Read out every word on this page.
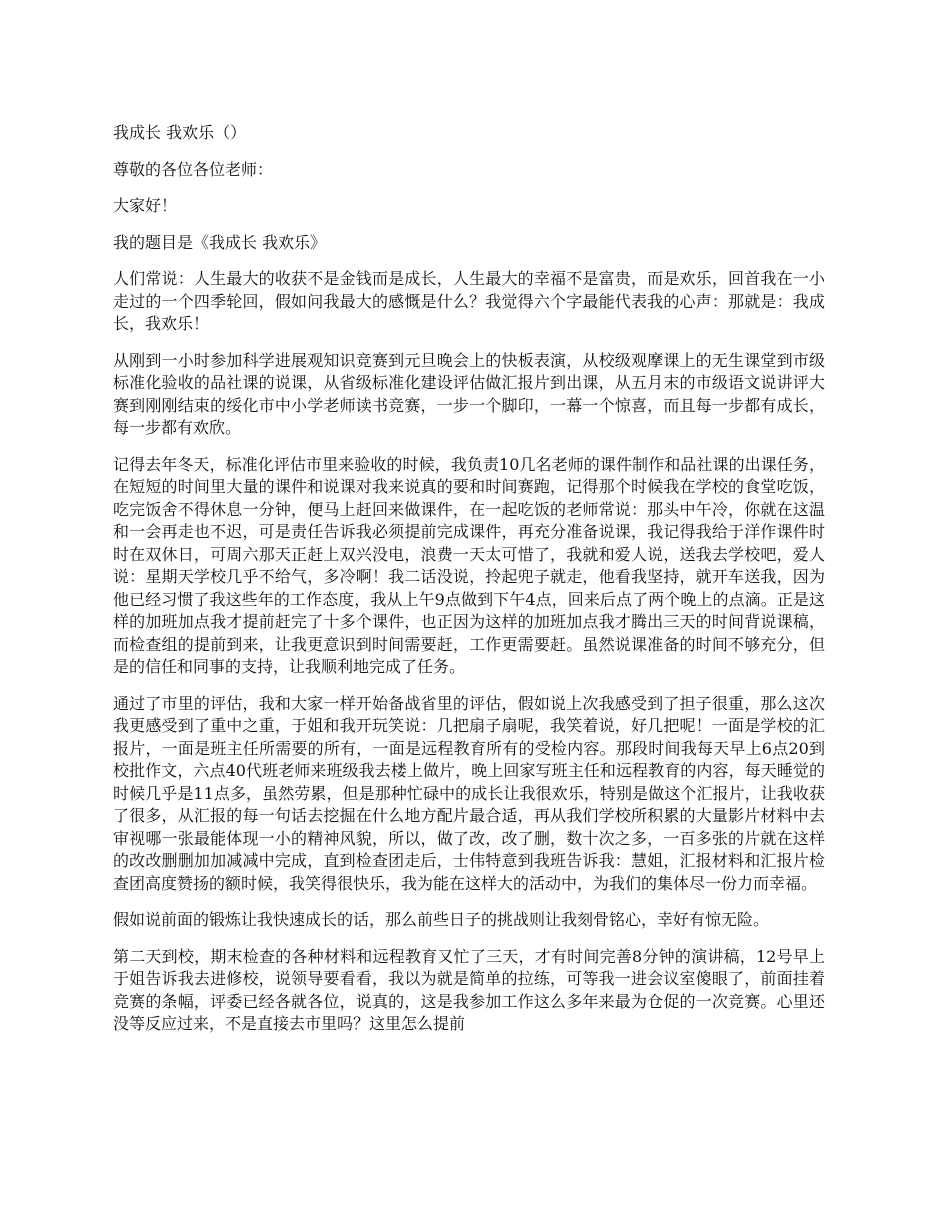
我成长 我欢乐（）

尊敬的各位各位老师：

大家好！

我的题目是《我成长 我欢乐》

人们常说：人生最大的收获不是金钱而是成长，人生最大的幸福不是富贵，而是欢乐，回首我在一小走过的一个四季轮回，假如问我最大的感慨是什么？我觉得六个字最能代表我的心声：那就是：我成长，我欢乐！

从刚到一小时参加科学进展观知识竞赛到元旦晚会上的快板表演，从校级观摩课上的无生课堂到市级标准化验收的品社课的说课，从省级标准化建设评估做汇报片到出课，从五月末的市级语文说讲评大赛到刚刚结束的绥化市中小学老师读书竞赛，一步一个脚印，一幕一个惊喜，而且每一步都有成长，每一步都有欢欣。

记得去年冬天，标准化评估市里来验收的时候，我负责10几名老师的课件制作和品社课的出课任务，在短短的时间里大量的课件和说课对我来说真的要和时间赛跑，记得那个时候我在学校的食堂吃饭，吃完饭舍不得休息一分钟，便马上赶回来做课件，在一起吃饭的老师常说：那头中午冷，你就在这温和一会再走也不迟，可是责任告诉我必须提前完成课件，再充分准备说课，我记得我给于洋作课件时时在双休日，可周六那天正赶上双兴没电，浪费一天太可惜了，我就和爱人说，送我去学校吧，爱人说：星期天学校几乎不给气，多冷啊！我二话没说，拎起兜子就走，他看我坚持，就开车送我，因为他已经习惯了我这些年的工作态度，我从上午9点做到下午4点，回来后点了两个晚上的点滴。正是这样的加班加点我才提前赶完了十多个课件，也正因为这样的加班加点我才腾出三天的时间背说课稿，而检查组的提前到来，让我更意识到时间需要赶，工作更需要赶。虽然说课准备的时间不够充分，但是的信任和同事的支持，让我顺利地完成了任务。

通过了市里的评估，我和大家一样开始备战省里的评估，假如说上次我感受到了担子很重，那么这次我更感受到了重中之重，于姐和我开玩笑说：几把扇子扇呢，我笑着说，好几把呢！一面是学校的汇报片，一面是班主任所需要的所有，一面是远程教育所有的受检内容。那段时间我每天早上6点20到校批作文，六点40代班老师来班级我去楼上做片，晚上回家写班主任和远程教育的内容，每天睡觉的时候几乎是11点多，虽然劳累，但是那种忙碌中的成长让我很欢乐，特别是做这个汇报片，让我收获了很多，从汇报的每一句话去挖掘在什么地方配片最合适，再从我们学校所积累的大量影片材料中去审视哪一张最能体现一小的精神风貌，所以，做了改，改了删，数十次之多，一百多张的片就在这样的改改删删加加减减中完成，直到检查团走后，士伟特意到我班告诉我：慧姐，汇报材料和汇报片检查团高度赞扬的额时候，我笑得很快乐，我为能在这样大的活动中，为我们的集体尽一份力而幸福。

假如说前面的锻炼让我快速成长的话，那么前些日子的挑战则让我刻骨铭心，幸好有惊无险。

第二天到校，期末检查的各种材料和远程教育又忙了三天，才有时间完善8分钟的演讲稿，12号早上于姐告诉我去进修校，说领导要看看，我以为就是简单的拉练，可等我一进会议室傻眼了，前面挂着竞赛的条幅，评委已经各就各位，说真的，这是我参加工作这么多年来最为仓促的一次竞赛。心里还没等反应过来，不是直接去市里吗？这里怎么提前
